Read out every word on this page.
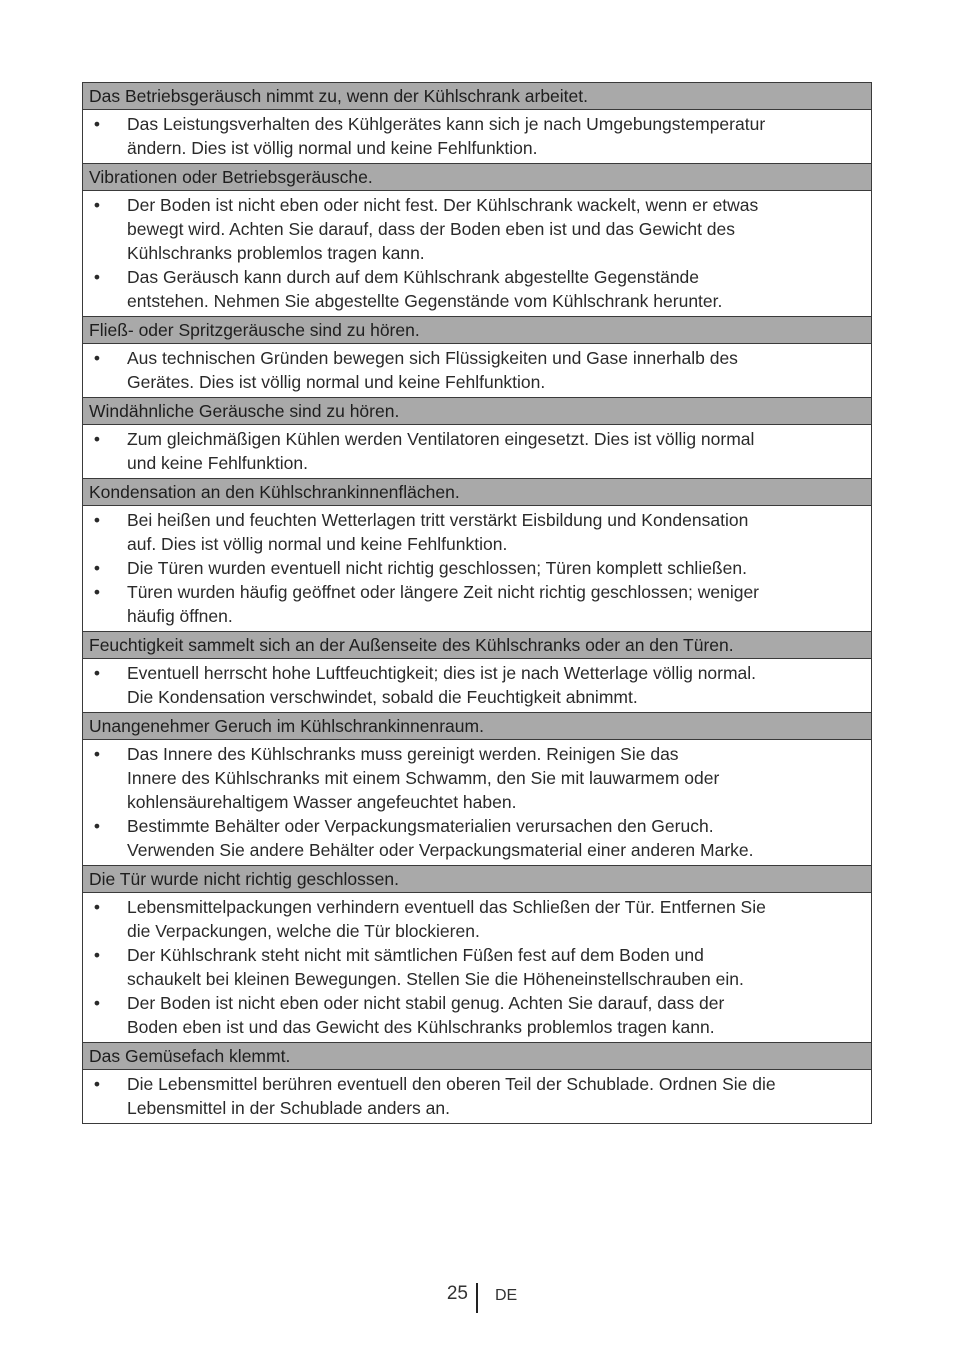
Das Betriebsgeräusch nimmt zu, wenn der Kühlschrank arbeitet.
• Das Leistungsverhalten des Kühlgerätes kann sich je nach Umgebungstemperatur
ändern. Dies ist völlig normal und keine Fehlfunktion.
Vibrationen oder Betriebsgeräusche.
• Der Boden ist nicht eben oder nicht fest. Der Kühlschrank wackelt, wenn er etwas
bewegt wird. Achten Sie darauf, dass der Boden eben ist und das Gewicht des
Kühlschranks problemlos tragen kann.
• Das Geräusch kann durch auf dem Kühlschrank abgestellte Gegenstände
entstehen. Nehmen Sie abgestellte Gegenstände vom Kühlschrank herunter.
Fließ- oder Spritzgeräusche sind zu hören.
• Aus technischen Gründen bewegen sich Flüssigkeiten und Gase innerhalb des
Gerätes. Dies ist völlig normal und keine Fehlfunktion.
Windähnliche Geräusche sind zu hören.
• Zum gleichmäßigen Kühlen werden Ventilatoren eingesetzt. Dies ist völlig normal
und keine Fehlfunktion.
Kondensation an den Kühlschrankinnenflächen.
• Bei heißen und feuchten Wetterlagen tritt verstärkt Eisbildung und Kondensation
auf. Dies ist völlig normal und keine Fehlfunktion.
• Die Türen wurden eventuell nicht richtig geschlossen; Türen komplett schließen.
• Türen wurden häufig geöffnet oder längere Zeit nicht richtig geschlossen; weniger
häufig öffnen.
Feuchtigkeit sammelt sich an der Außenseite des Kühlschranks oder an den Türen.
• Eventuell herrscht hohe Luftfeuchtigkeit; dies ist je nach Wetterlage völlig normal.
Die Kondensation verschwindet, sobald die Feuchtigkeit abnimmt.
Unangenehmer Geruch im Kühlschrankinnenraum.
• Das Innere des Kühlschranks muss gereinigt werden. Reinigen Sie das
Innere des Kühlschranks mit einem Schwamm, den Sie mit lauwarmem oder
kohlensäurehaltigem Wasser angefeuchtet haben.
• Bestimmte Behälter oder Verpackungsmaterialien verursachen den Geruch.
Verwenden Sie andere Behälter oder Verpackungsmaterial einer anderen Marke.
Die Tür wurde nicht richtig geschlossen.
• Lebensmittelpackungen verhindern eventuell das Schließen der Tür. Entfernen Sie
die Verpackungen, welche die Tür blockieren.
• Der Kühlschrank steht nicht mit sämtlichen Füßen fest auf dem Boden und
schaukelt bei kleinen Bewegungen. Stellen Sie die Höheneinstellschrauben ein.
• Der Boden ist nicht eben oder nicht stabil genug. Achten Sie darauf, dass der
Boden eben ist und das Gewicht des Kühlschranks problemlos tragen kann.
Das Gemüsefach klemmt.
• Die Lebensmittel berühren eventuell den oberen Teil der Schublade. Ordnen Sie die
Lebensmittel in der Schublade anders an.
25 DE
